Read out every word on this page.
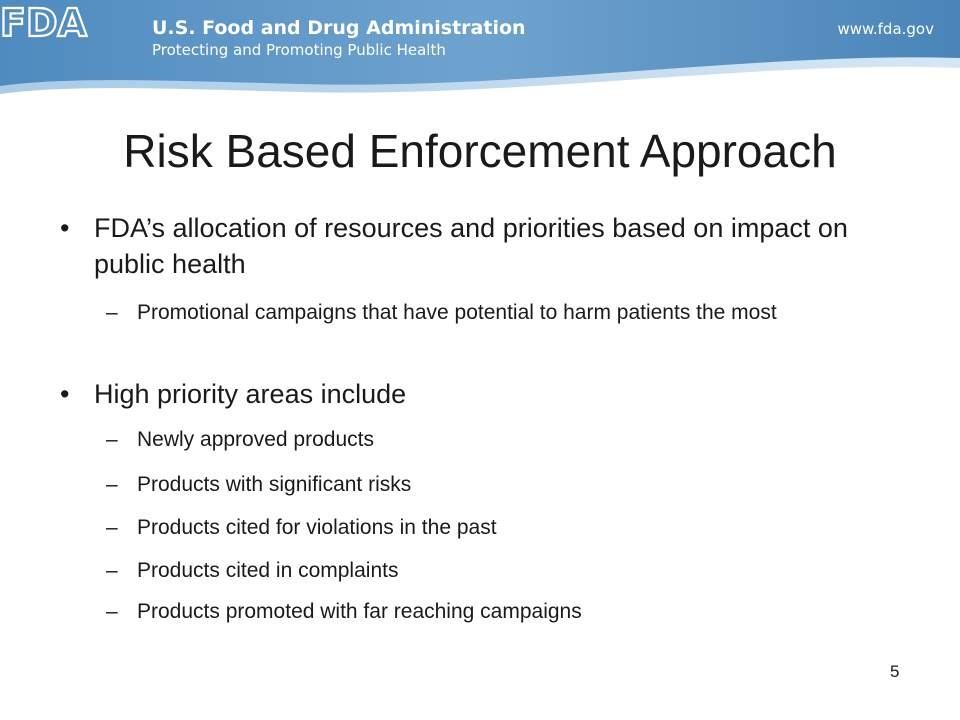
FDA	U.S. Food and Drug Administration
Protecting and Promoting Public Health
www.fda.gov
Risk Based Enforcement Approach
• FDA’s allocation of resources and priorities based on impact on public health
– Promotional campaigns that have potential to harm patients the most
• High priority areas include
– Newly approved products
– Products with significant risks
– Products cited for violations in the past
– Products cited in complaints
– Products promoted with far reaching campaigns
5
